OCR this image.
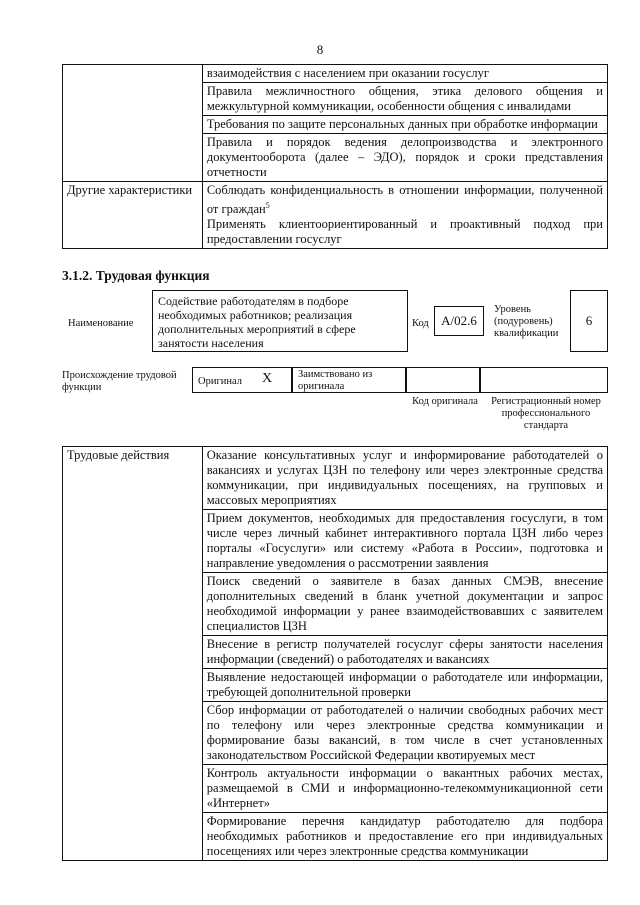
8
	взаимодействия с населением при оказании госуслуг
	Правила межличностного общения, этика делового общения и межкультурной коммуникации, особенности общения с инвалидами
	Требования по защите персональных данных при обработке информации
	Правила и порядок ведения делопроизводства и электронного документооборота (далее – ЭДО), порядок и сроки представления отчетности
Другие характеристики	Соблюдать конфиденциальность в отношении информации, полученной от граждан$^5$
Применять клиентоориентированный и проактивный подход при предоставлении госуслуг
3.1.2. Трудовая функция
Наименование
Содействие работодателям в подборе необходимых работников; реализация дополнительных мероприятий в сфере занятости населения
Код A/02.6
Уровень (подуровень) квалификации
6
Происхождение трудовой функции
Оригинал X Заимствовано из оригинала
Код оригинала	Регистрационный номер профессионального стандарта
Трудовые действия	Оказание консультативных услуг и информирование работодателей о вакансиях и услугах ЦЗН по телефону или через электронные средства коммуникации, при индивидуальных посещениях, на групповых и массовых мероприятиях
Прием документов, необходимых для предоставления госуслуги, в том числе через личный кабинет интерактивного портала ЦЗН либо через порталы «Госуслуги» или систему «Работа в России», подготовка и направление уведомления о рассмотрении заявления
Поиск сведений о заявителе в базах данных СМЭВ, внесение дополнительных сведений в бланк учетной документации и запрос необходимой информации у ранее взаимодействовавших с заявителем специалистов ЦЗН
Внесение в регистр получателей госуслуг сферы занятости населения информации (сведений) о работодателях и вакансиях
Выявление недостающей информации о работодателе или информации, требующей дополнительной проверки
Сбор информации от работодателей о наличии свободных рабочих мест по телефону или через электронные средства коммуникации и формирование базы вакансий, в том числе в счет установленных законодательством Российской Федерации квотируемых мест
Контроль актуальности информации о вакантных рабочих местах, размещаемой в СМИ и информационно-телекоммуникационной сети «Интернет»
Формирование перечня кандидатур работодателю для подбора необходимых работников и предоставление его при индивидуальных посещениях или через электронные средства коммуникации
